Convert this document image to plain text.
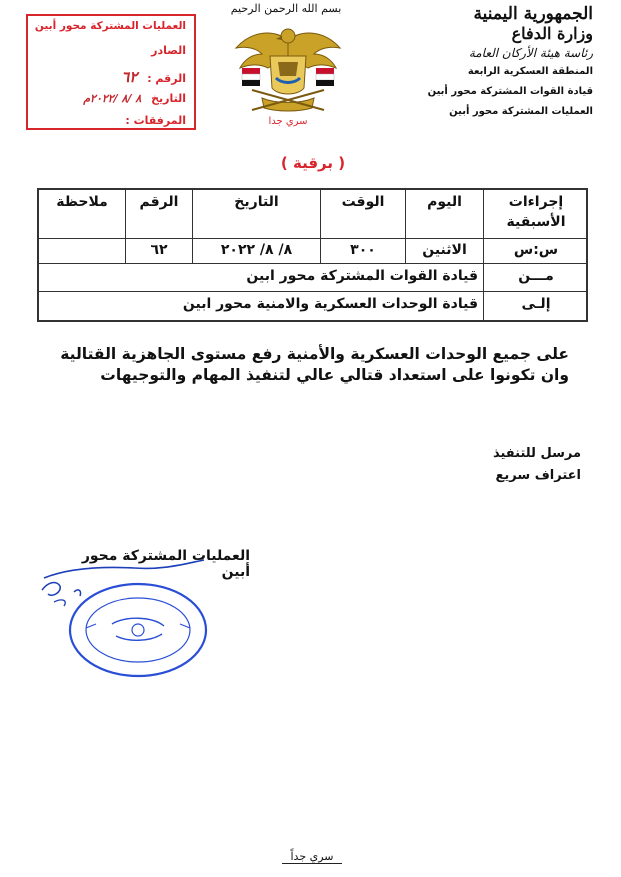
العمليات المشتركة محور أبين
الصادر
الرقم : ٦٢
التاريخ ٨ /٨ /٢٠٢٢م
المرفقات :
بسم الله الرحمن الرحيم
سري جدا
الجمهورية اليمنية
وزارة الدفاع
رئاسة هيئة الأركان العامة
المنطقة العسكرية الرابعة
قيادة القوات المشتركة محور أبين
العمليات المشتركة محور أبين
( برقية )
إجراءات الأسبقية
اليوم
الوقت
التاريخ
الرقم
ملاحظة
س:س
الاثنين
٣٠٠
٨/ ٨/ ٢٠٢٢
٦٢
مـــن
قيادة القوات المشتركة محور ابين
إلـى
قيادة الوحدات العسكرية والامنية محور ابين
على جميع الوحدات العسكرية والأمنية رفع مستوى الجاهزية القتالية
وان تكونوا على استعداد قتالي عالي لتنفيذ المهام والتوجيهات
مرسل للتنفيذ
اعتراف سريع
العمليات المشتركة محور أبين
سري جداً
